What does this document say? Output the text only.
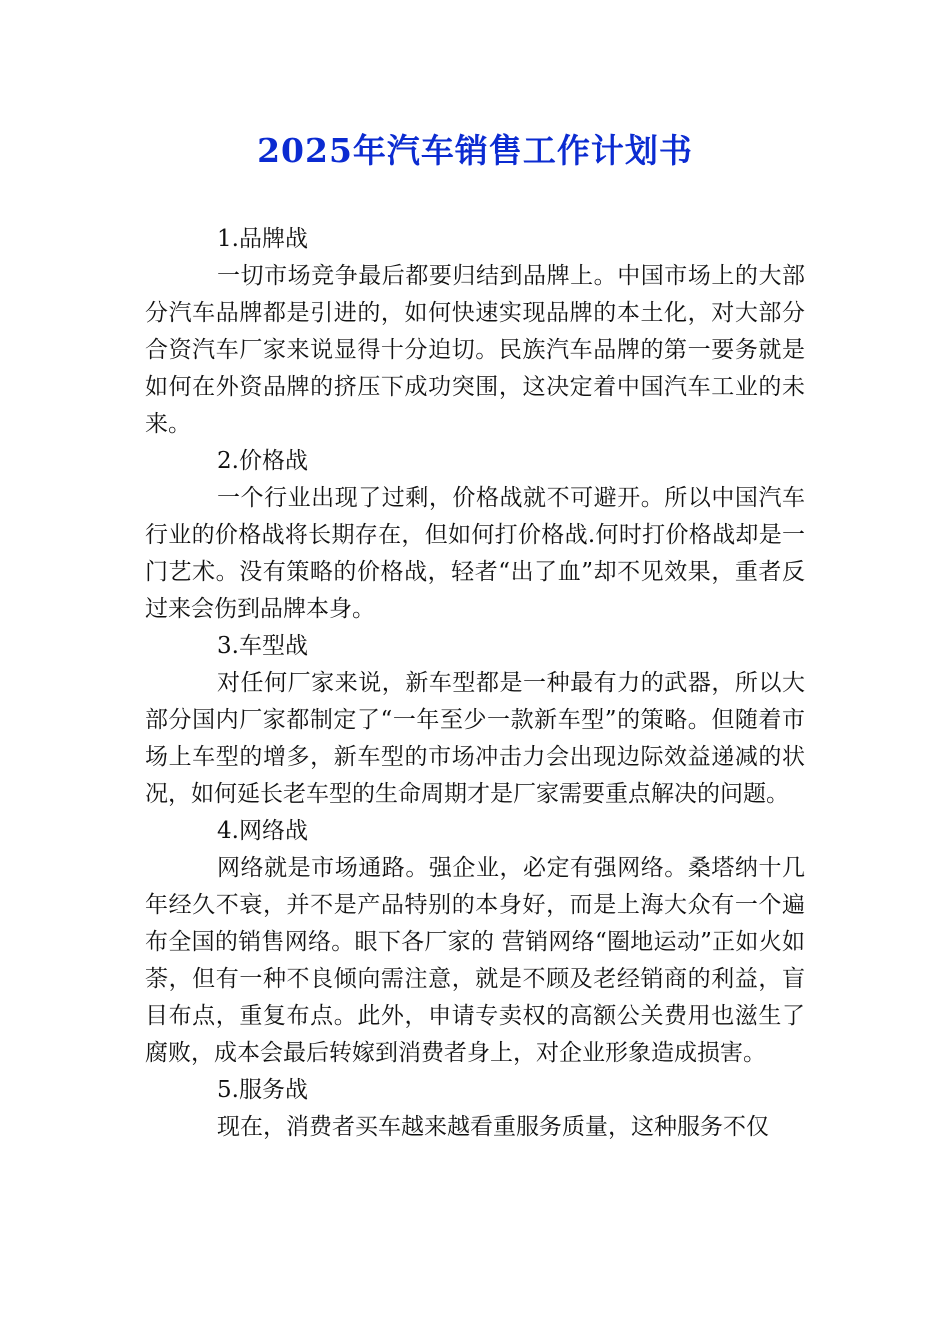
2025年汽车销售工作计划书

1.品牌战

一切市场竞争最后都要归结到品牌上。中国市场上的大部分汽车品牌都是引进的，如何快速实现品牌的本土化，对大部分合资汽车厂家来说显得十分迫切。民族汽车品牌的第一要务就是如何在外资品牌的挤压下成功突围，这决定着中国汽车工业的未来。

2.价格战

一个行业出现了过剩，价格战就不可避开。所以中国汽车行业的价格战将长期存在，但如何打价格战.何时打价格战却是一门艺术。没有策略的价格战，轻者“出了血”却不见效果，重者反过来会伤到品牌本身。

3.车型战

对任何厂家来说，新车型都是一种最有力的武器，所以大部分国内厂家都制定了“一年至少一款新车型”的策略。但随着市场上车型的增多，新车型的市场冲击力会出现边际效益递减的状况，如何延长老车型的生命周期才是厂家需要重点解决的问题。

4.网络战

网络就是市场通路。强企业，必定有强网络。桑塔纳十几年经久不衰，并不是产品特别的本身好，而是上海大众有一个遍布全国的销售网络。眼下各厂家的 营销网络“圈地运动”正如火如荼，但有一种不良倾向需注意，就是不顾及老经销商的利益，盲目布点，重复布点。此外，申请专卖权的高额公关费用也滋生了腐败，成本会最后转嫁到消费者身上，对企业形象造成损害。

5.服务战

现在，消费者买车越来越看重服务质量，这种服务不仅
